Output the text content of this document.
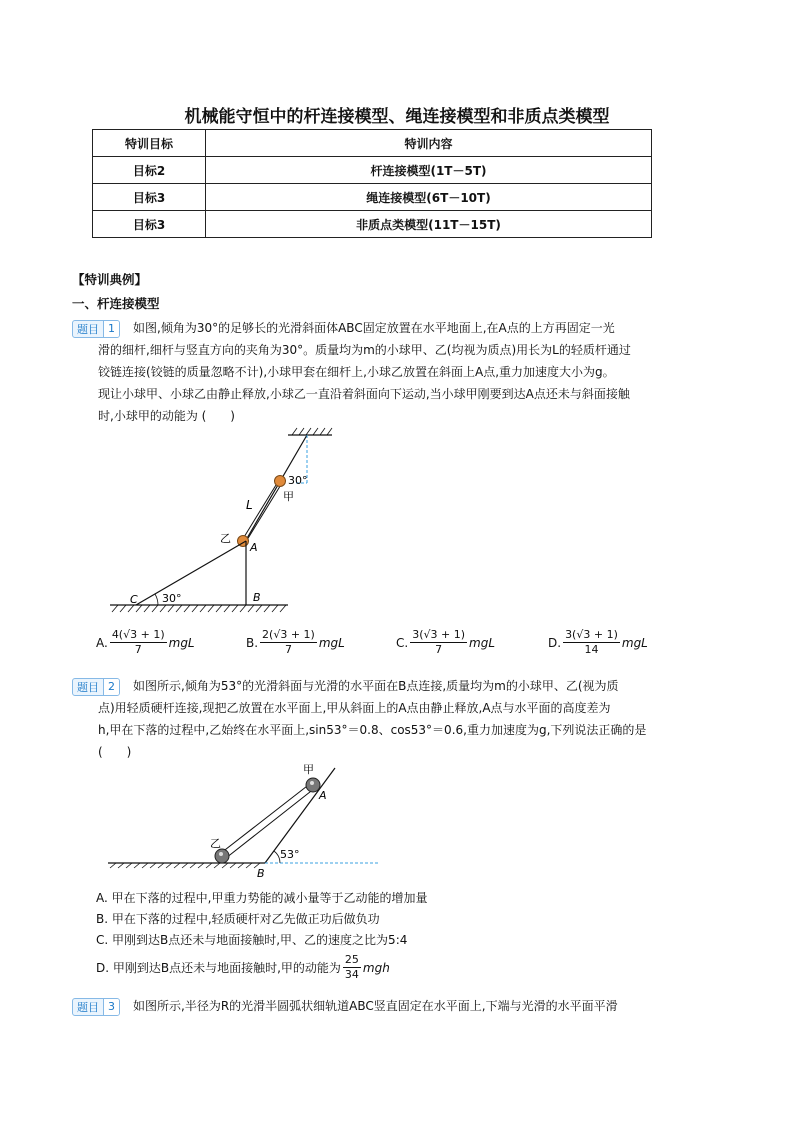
机械能守恒中的杆连接模型、绳连接模型和非质点类模型
特训目标	特训内容
目标2	杆连接模型(1T－5T)
目标3	绳连接模型(6T－10T)
目标3	非质点类模型(11T－15T)
【特训典例】
一、杆连接模型
题目 1	如图,倾角为30°的足够长的光滑斜面体ABC固定放置在水平地面上,在A点的上方再固定一光
滑的细杆,细杆与竖直方向的夹角为30°。质量均为m的小球甲、乙(均视为质点)用长为L的轻质杆通过
铰链连接(铰链的质量忽略不计),小球甲套在细杆上,小球乙放置在斜面上A点,重力加速度大小为g。
现让小球甲、小球乙由静止释放,小球乙一直沿着斜面向下运动,当小球甲刚要到达A点还未与斜面接触
时,小球甲的动能为 (　　)
30°
甲
L
乙
A
B
C 30°
A. $\frac{4(√3 + 1)}{7}$ mgL	B. $\frac{2(√3 + 1)}{7}$ mgL	C. $\frac{3(√3 + 1)}{7}$ mgL	D. $\frac{3(√3 + 1)}{14}$ mgL
题目 2	如图所示,倾角为53°的光滑斜面与光滑的水平面在B点连接,质量均为m的小球甲、乙(视为质
点)用轻质硬杆连接,现把乙放置在水平面上,甲从斜面上的A点由静止释放,A点与水平面的高度差为
h,甲在下落的过程中,乙始终在水平面上,sin53°＝0.8、cos53°＝0.6,重力加速度为g,下列说法正确的是
(　　)
甲
A
乙
53°
B
A. 甲在下落的过程中,甲重力势能的减小量等于乙动能的增加量
B. 甲在下落的过程中,轻质硬杆对乙先做正功后做负功
C. 甲刚到达B点还未与地面接触时,甲、乙的速度之比为5:4
D. 甲刚到达B点还未与地面接触时,甲的动能为 $\frac{25}{34}$ mgh
题目 3	如图所示,半径为R的光滑半圆弧状细轨道ABC竖直固定在水平面上,下端与光滑的水平面平滑
